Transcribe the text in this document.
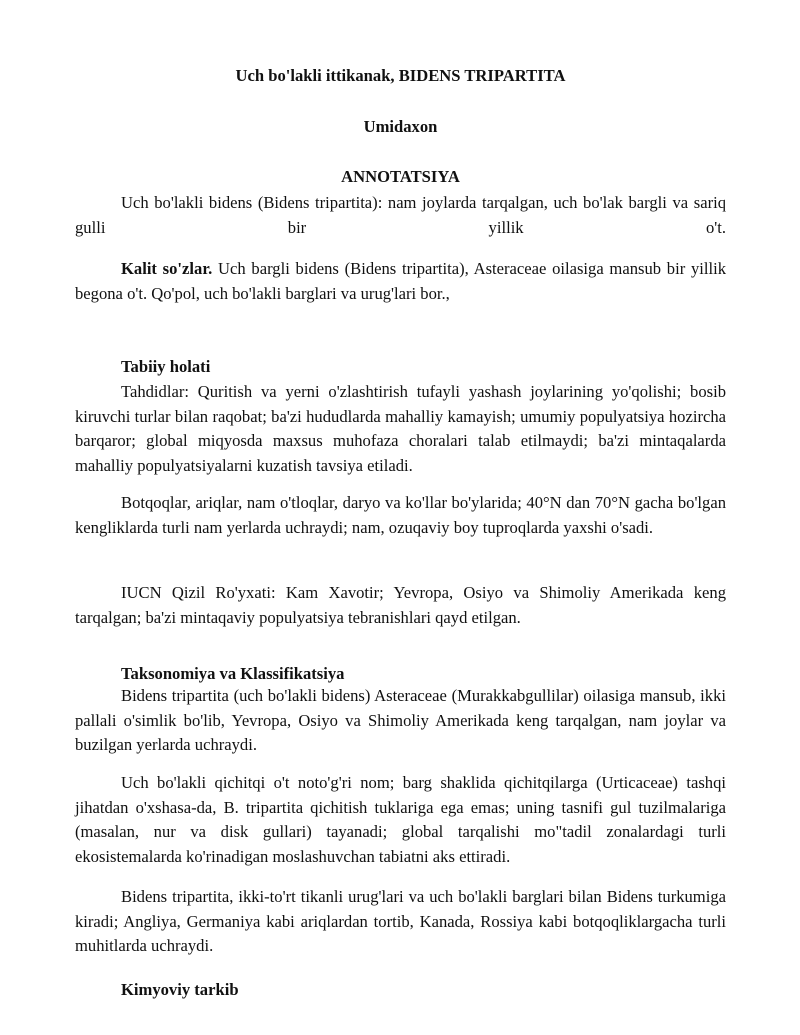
Uch bo'lakli ittikanak, BIDENS TRIPARTITA
Umidaxon
ANNOTATSIYA

Uch bo'lakli bidens (Bidens tripartita): nam joylarda tarqalgan, uch bo'lak bargli va sariq gulli bir yillik o't.

Kalit so'zlar. Uch bargli bidens (Bidens tripartita), Asteraceae oilasiga mansub bir yillik begona o't. Qo'pol, uch bo'lakli barglari va urug'lari bor.,

Tabiiy holati

Tahdidlar: Quritish va yerni o'zlashtirish tufayli yashash joylarining yo'qolishi; bosib kiruvchi turlar bilan raqobat; ba'zi hududlarda mahalliy kamayish; umumiy populyatsiya hozircha barqaror; global miqyosda maxsus muhofaza choralari talab etilmaydi; ba'zi mintaqalarda mahalliy populyatsiyalarni kuzatish tavsiya etiladi.

Botqoqlar, ariqlar, nam o'tloqlar, daryo va ko'llar bo'ylarida; 40°N dan 70°N gacha bo'lgan kengliklarda turli nam yerlarda uchraydi; nam, ozuqaviy boy tuproqlarda yaxshi o'sadi.

IUCN Qizil Ro'yxati: Kam Xavotir; Yevropa, Osiyo va Shimoliy Amerikada keng tarqalgan; ba'zi mintaqaviy populyatsiya tebranishlari qayd etilgan.

Taksonomiya va Klassifikatsiya

Bidens tripartita (uch bo'lakli bidens) Asteraceae (Murakkabgullilar) oilasiga mansub, ikki pallali o'simlik bo'lib, Yevropa, Osiyo va Shimoliy Amerikada keng tarqalgan, nam joylar va buzilgan yerlarda uchraydi.

Uch bo'lakli qichitqi o't noto'g'ri nom; barg shaklida qichitqilarga (Urticaceae) tashqi jihatdan o'xshasa-da, B. tripartita qichitish tuklariga ega emas; uning tasnifi gul tuzilmalariga (masalan, nur va disk gullari) tayanadi; global tarqalishi mo"tadil zonalardagi turli ekosistemalarda ko'rinadigan moslashuvchan tabiatni aks ettiradi.

Bidens tripartita, ikki-to'rt tikanli urug'lari va uch bo'lakli barglari bilan Bidens turkumiga kiradi; Angliya, Germaniya kabi ariqlardan tortib, Kanada, Rossiya kabi botqoqliklargacha turli muhitlarda uchraydi.

Kimyoviy tarkib
